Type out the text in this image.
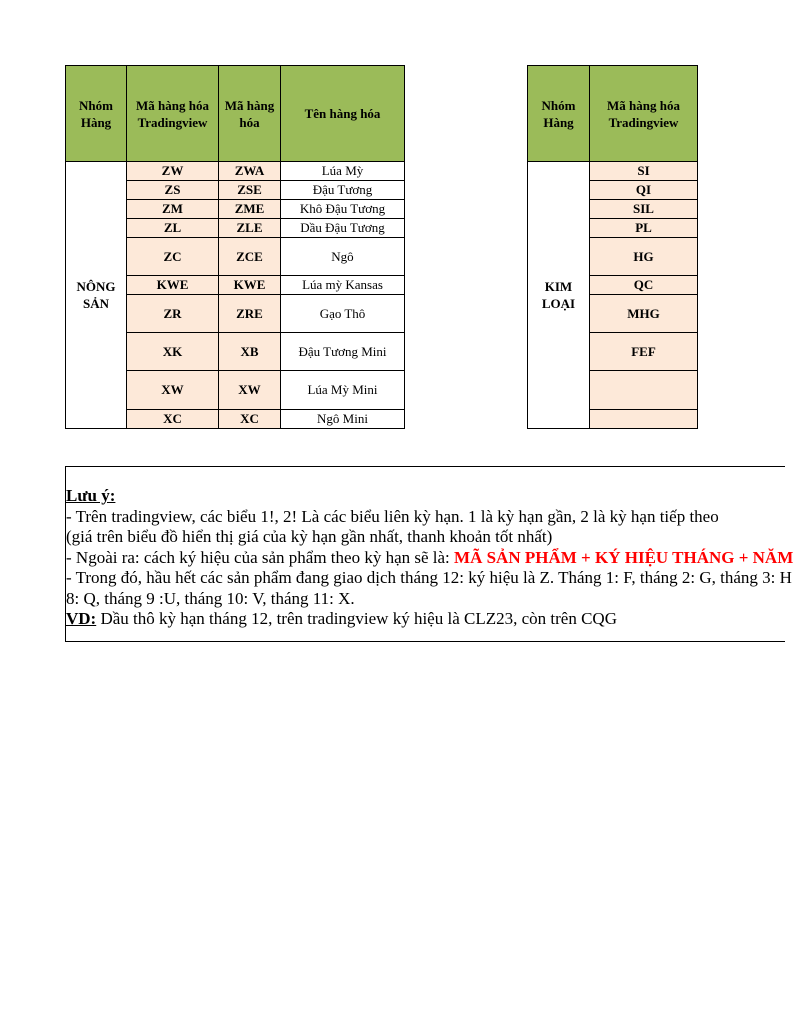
Nhóm Hàng	Mã hàng hóa Tradingview	Mã hàng hóa	Tên hàng hóa
NÔNG SẢN	ZW	ZWA	Lúa Mỳ
	ZS	ZSE	Đậu Tương
	ZM	ZME	Khô Đậu Tương
	ZL	ZLE	Dầu Đậu Tương
	ZC	ZCE	Ngô
	KWE	KWE	Lúa mỳ Kansas
	ZR	ZRE	Gạo Thô
	XK	XB	Đậu Tương Mini
	XW	XW	Lúa Mỳ Mini
	XC	XC	Ngô Mini
Nhóm Hàng	Mã hàng hóa Tradingview
KIM LOẠI	SI
	QI
	SIL
	PL
	HG
	QC
	MHG
	FEF

Lưu ý:
- Trên tradingview, các biểu 1!, 2! Là các biểu liên kỳ hạn. 1 là kỳ hạn gần, 2 là kỳ hạn tiếp theo
(giá trên biểu đồ hiển thị giá của kỳ hạn gần nhất, thanh khoản tốt nhất)
- Ngoài ra: cách ký hiệu của sản phẩm theo kỳ hạn sẽ là: MÃ SẢN PHẨM + KÝ HIỆU THÁNG + NĂM
- Trong đó, hầu hết các sản phẩm đang giao dịch tháng 12: ký hiệu là Z. Tháng 1: F, tháng 2: G, tháng 3: H
8: Q, tháng 9 :U, tháng 10: V, tháng 11: X.
VD: Dầu thô kỳ hạn tháng 12, trên tradingview ký hiệu là CLZ23, còn trên CQG
